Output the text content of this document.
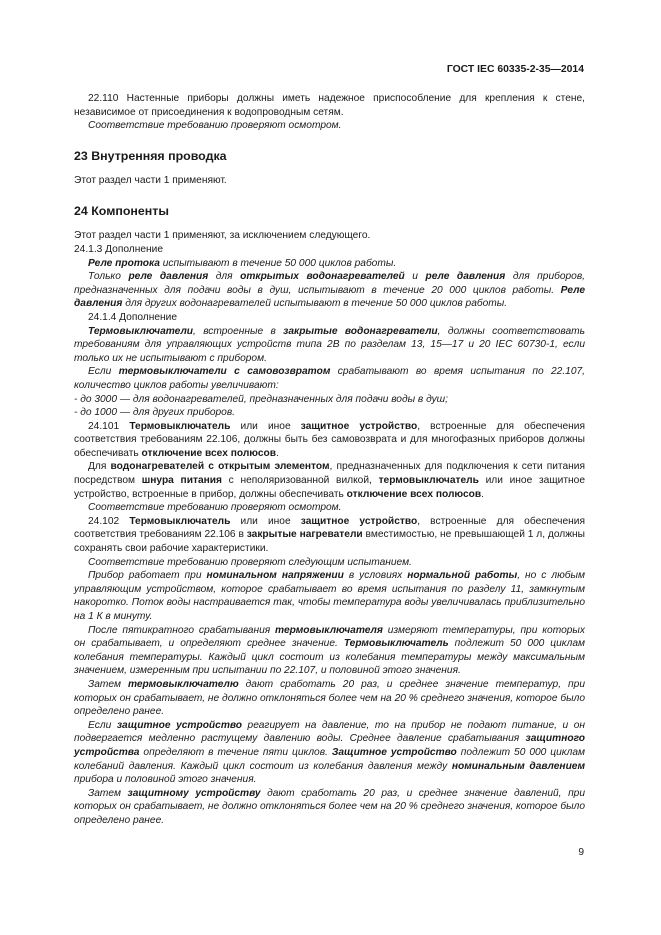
ГОСТ IEC 60335-2-35—2014

22.110 Настенные приборы должны иметь надежное приспособление для крепления к стене, независимое от присоединения к водопроводным сетям.

Соответствие требованию проверяют осмотром.

23 Внутренняя проводка

Этот раздел части 1 применяют.

24 Компоненты

Этот раздел части 1 применяют, за исключением следующего.

24.1.3 Дополнение

Реле протока испытывают в течение 50 000 циклов работы.

Только реле давления для открытых водонагревателей и реле давления для приборов, предназначенных для подачи воды в душ, испытывают в течение 20 000 циклов работы. Реле давления для других водонагревателей испытывают в течение 50 000 циклов работы.

24.1.4 Дополнение

Термовыключатели, встроенные в закрытые водонагреватели, должны соответствовать требованиям для управляющих устройств типа 2В по разделам 13, 15—17 и 20 IEC 60730-1, если только их не испытывают с прибором.

Если термовыключатели с самовозвратом срабатывают во время испытания по 22.107, количество циклов работы увеличивают:

- до 3000 — для водонагревателей, предназначенных для подачи воды в душ;

- до 1000 — для других приборов.

24.101 Термовыключатель или иное защитное устройство, встроенные для обеспечения соответствия требованиям 22.106, должны быть без самовозврата и для многофазных приборов должны обеспечивать отключение всех полюсов.

Для водонагревателей с открытым элементом, предназначенных для подключения к сети питания посредством шнура питания с неполяризованной вилкой, термовыключатель или иное защитное устройство, встроенные в прибор, должны обеспечивать отключение всех полюсов.

Соответствие требованию проверяют осмотром.

24.102 Термовыключатель или иное защитное устройство, встроенные для обеспечения соответствия требованиям 22.106 в закрытые нагреватели вместимостью, не превышающей 1 л, должны сохранять свои рабочие характеристики.

Соответствие требованию проверяют следующим испытанием.

Прибор работает при номинальном напряжении в условиях нормальной работы, но с любым управляющим устройством, которое срабатывает во время испытания по разделу 11, замкнутым накоротко. Поток воды настраивается так, чтобы температура воды увеличивалась приблизительно на 1 К в минуту.

После пятикратного срабатывания термовыключателя измеряют температуры, при которых он срабатывает, и определяют среднее значение. Термовыключатель подлежит 50 000 циклам колебания температуры. Каждый цикл состоит из колебания температуры между максимальным значением, измеренным при испытании по 22.107, и половиной этого значения.

Затем термовыключателю дают сработать 20 раз, и среднее значение температур, при которых он срабатывает, не должно отклоняться более чем на 20 % среднего значения, которое было определено ранее.

Если защитное устройство реагирует на давление, то на прибор не подают питание, и он подвергается медленно растущему давлению воды. Среднее давление срабатывания защитного устройства определяют в течение пяти циклов. Защитное устройство подлежит 50 000 циклам колебаний давления. Каждый цикл состоит из колебания давления между номинальным давлением прибора и половиной этого значения.

Затем защитному устройству дают сработать 20 раз, и среднее значение давлений, при которых он срабатывает, не должно отклоняться более чем на 20 % среднего значения, которое было определено ранее.

9
